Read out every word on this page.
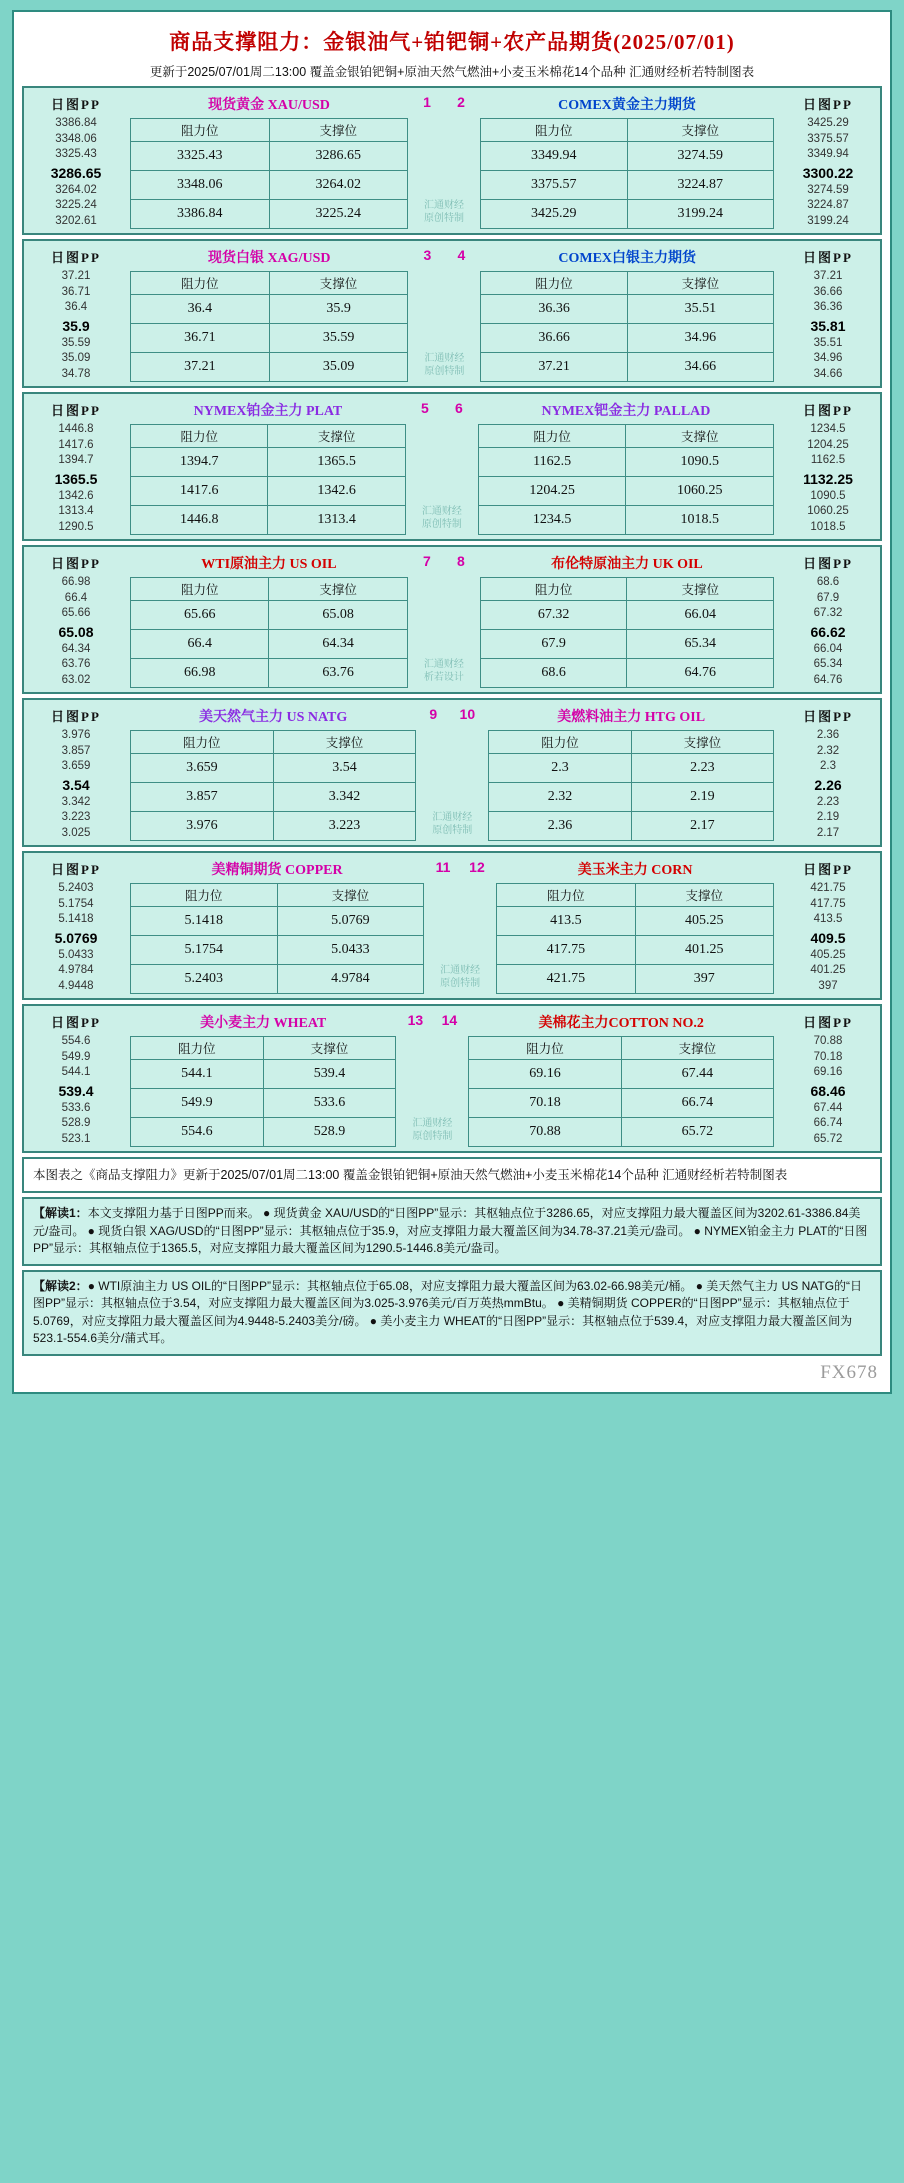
商品支撑阻力：金银油气+铂钯铜+农产品期货(2025/07/01)
更新于2025/07/01周二13:00 覆盖金银铂钯铜+原油天然气燃油+小麦玉米棉花14个品种 汇通财经析若特制图表
日图PP
3386.84
3348.06
3325.43
3286.65
3264.02
3225.24
3202.61
现货黄金 XAU/USD
阻力位	支撑位
3325.43	3286.65
3348.06	3264.02
3386.84	3225.24
1 2
汇通财经
原创特制
COMEX黄金主力期货
阻力位	支撑位
3349.94	3274.59
3375.57	3224.87
3425.29	3199.24
日图PP
3425.29
3375.57
3349.94
3300.22
3274.59
3224.87
3199.24
日图PP
37.21
36.71
36.4
35.9
35.59
35.09
34.78
现货白银 XAG/USD
阻力位	支撑位
36.4	35.9
36.71	35.59
37.21	35.09
3 4
汇通财经
原创特制
COMEX白银主力期货
阻力位	支撑位
36.36	35.51
36.66	34.96
37.21	34.66
日图PP
37.21
36.66
36.36
35.81
35.51
34.96
34.66
日图PP
1446.8
1417.6
1394.7
1365.5
1342.6
1313.4
1290.5
NYMEX铂金主力 PLAT
阻力位	支撑位
1394.7	1365.5
1417.6	1342.6
1446.8	1313.4
5 6
汇通财经
原创特制
NYMEX钯金主力 PALLAD
阻力位	支撑位
1162.5	1090.5
1204.25	1060.25
1234.5	1018.5
日图PP
1234.5
1204.25
1162.5
1132.25
1090.5
1060.25
1018.5
日图PP
66.98
66.4
65.66
65.08
64.34
63.76
63.02
WTI原油主力 US OIL
阻力位	支撑位
65.66	65.08
66.4	64.34
66.98	63.76
7 8
汇通财经
析若设计
布伦特原油主力 UK OIL
阻力位	支撑位
67.32	66.04
67.9	65.34
68.6	64.76
日图PP
68.6
67.9
67.32
66.62
66.04
65.34
64.76
日图PP
3.976
3.857
3.659
3.54
3.342
3.223
3.025
美天然气主力 US NATG
阻力位	支撑位
3.659	3.54
3.857	3.342
3.976	3.223
9 10
汇通财经
原创特制
美燃料油主力 HTG OIL
阻力位	支撑位
2.3	2.23
2.32	2.19
2.36	2.17
日图PP
2.36
2.32
2.3
2.26
2.23
2.19
2.17
日图PP
5.2403
5.1754
5.1418
5.0769
5.0433
4.9784
4.9448
美精铜期货 COPPER
阻力位	支撑位
5.1418	5.0769
5.1754	5.0433
5.2403	4.9784
11 12
汇通财经
原创特制
美玉米主力 CORN
阻力位	支撑位
413.5	405.25
417.75	401.25
421.75	397
日图PP
421.75
417.75
413.5
409.5
405.25
401.25
397
日图PP
554.6
549.9
544.1
539.4
533.6
528.9
523.1
美小麦主力 WHEAT
阻力位	支撑位
544.1	539.4
549.9	533.6
554.6	528.9
13 14
汇通财经
原创特制
美棉花主力COTTON NO.2
阻力位	支撑位
69.16	67.44
70.18	66.74
70.88	65.72
日图PP
70.88
70.18
69.16
68.46
67.44
66.74
65.72
本图表之《商品支撑阻力》更新于2025/07/01周二13:00 覆盖金银铂钯铜+原油天然气燃油+小麦玉米棉花14个品种 汇通财经析若特制图表
【解读1：本文支撑阻力基于日图PP而来。 ● 现货黄金 XAU/USD的“日图PP”显示：其枢轴点位于3286.65，对应支撑阻力最大覆盖区间为3202.61-3386.84美元/盎司。 ● 现货白银 XAG/USD的“日图PP”显示：其枢轴点位于35.9，对应支撑阻力最大覆盖区间为34.78-37.21美元/盎司。 ● NYMEX铂金主力 PLAT的“日图PP”显示：其枢轴点位于1365.5，对应支撑阻力最大覆盖区间为1290.5-1446.8美元/盎司。
【解读2：● WTI原油主力 US OIL的“日图PP”显示：其枢轴点位于65.08，对应支撑阻力最大覆盖区间为63.02-66.98美元/桶。 ● 美天然气主力 US NATG的“日图PP”显示：其枢轴点位于3.54，对应支撑阻力最大覆盖区间为3.025-3.976美元/百万英热mmBtu。 ● 美精铜期货 COPPER的“日图PP”显示：其枢轴点位于5.0769，对应支撑阻力最大覆盖区间为4.9448-5.2403美分/磅。 ● 美小麦主力 WHEAT的“日图PP”显示：其枢轴点位于539.4，对应支撑阻力最大覆盖区间为523.1-554.6美分/蒲式耳。
FX678
